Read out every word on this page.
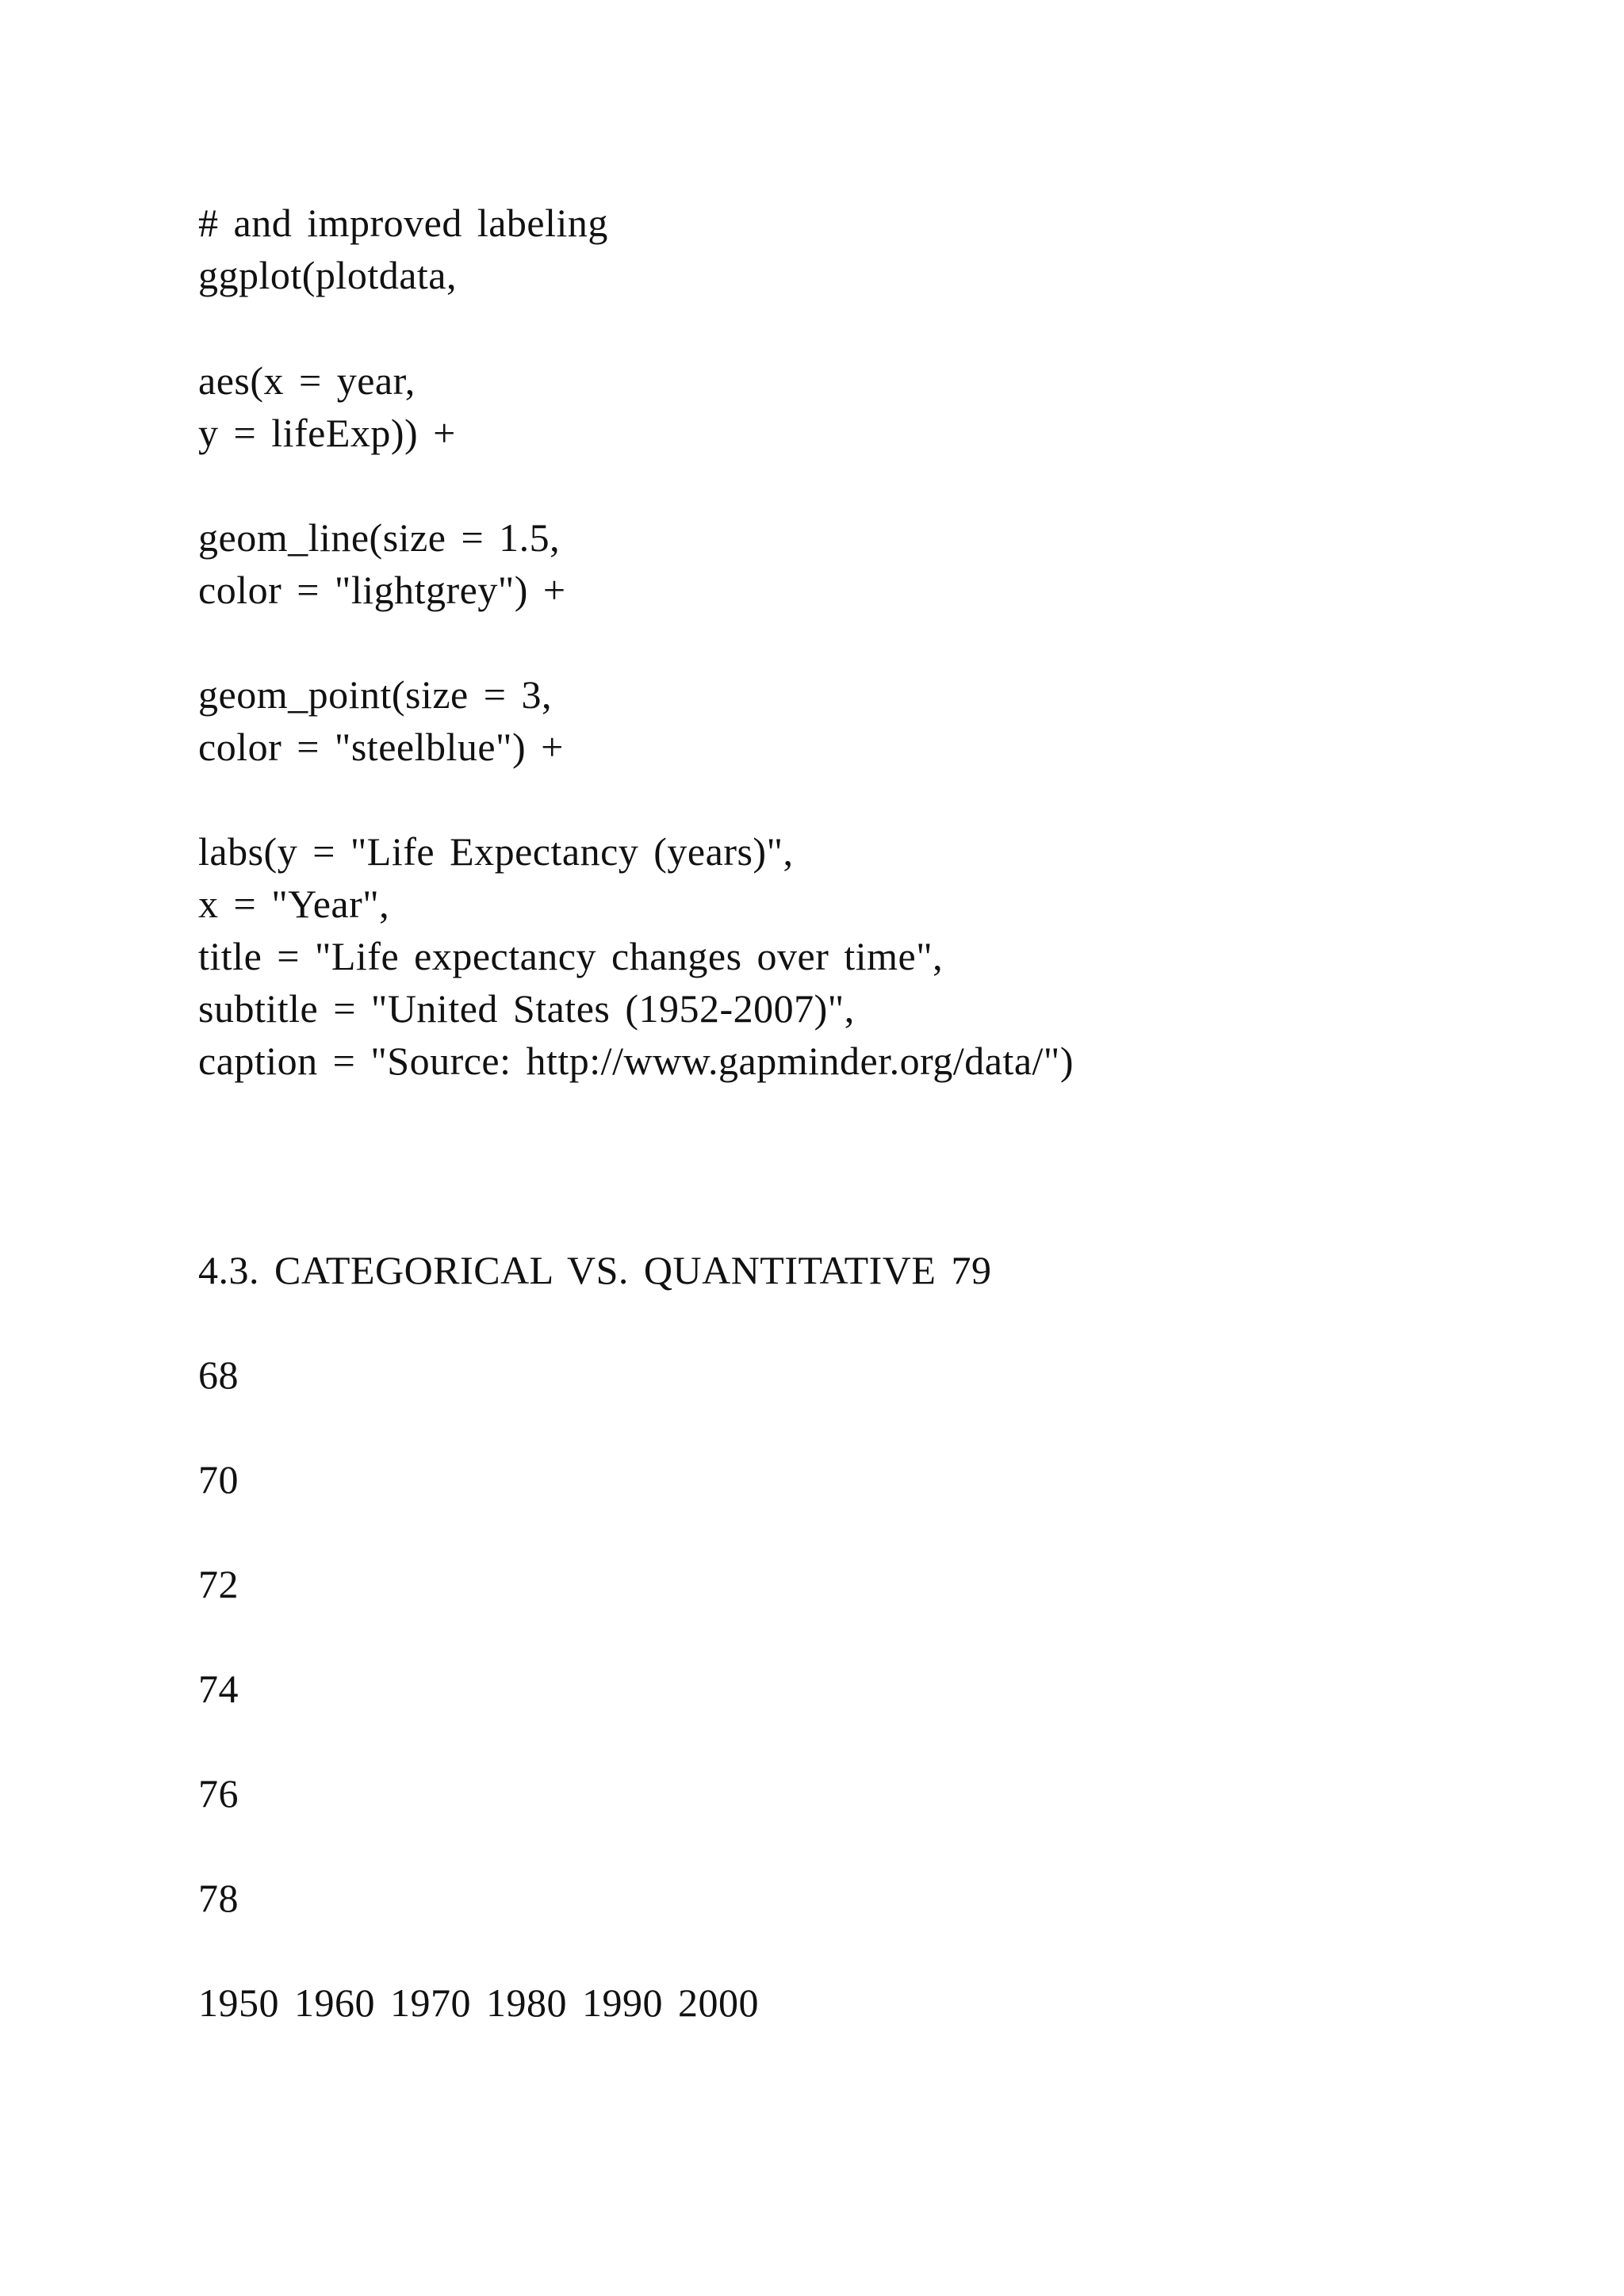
# and improved labeling

ggplot(plotdata,

aes(x = year,

y = lifeExp)) +

geom_line(size = 1.5,

color = "lightgrey") +

geom_point(size = 3,

color = "steelblue") +

labs(y = "Life Expectancy (years)",

x = "Year",

title = "Life expectancy changes over time",

subtitle = "United States (1952-2007)",

caption = "Source: http://www.gapminder.org/data/")

4.3. CATEGORICAL VS. QUANTITATIVE 79

68

70

72

74

76

78

1950 1960 1970 1980 1990 2000
